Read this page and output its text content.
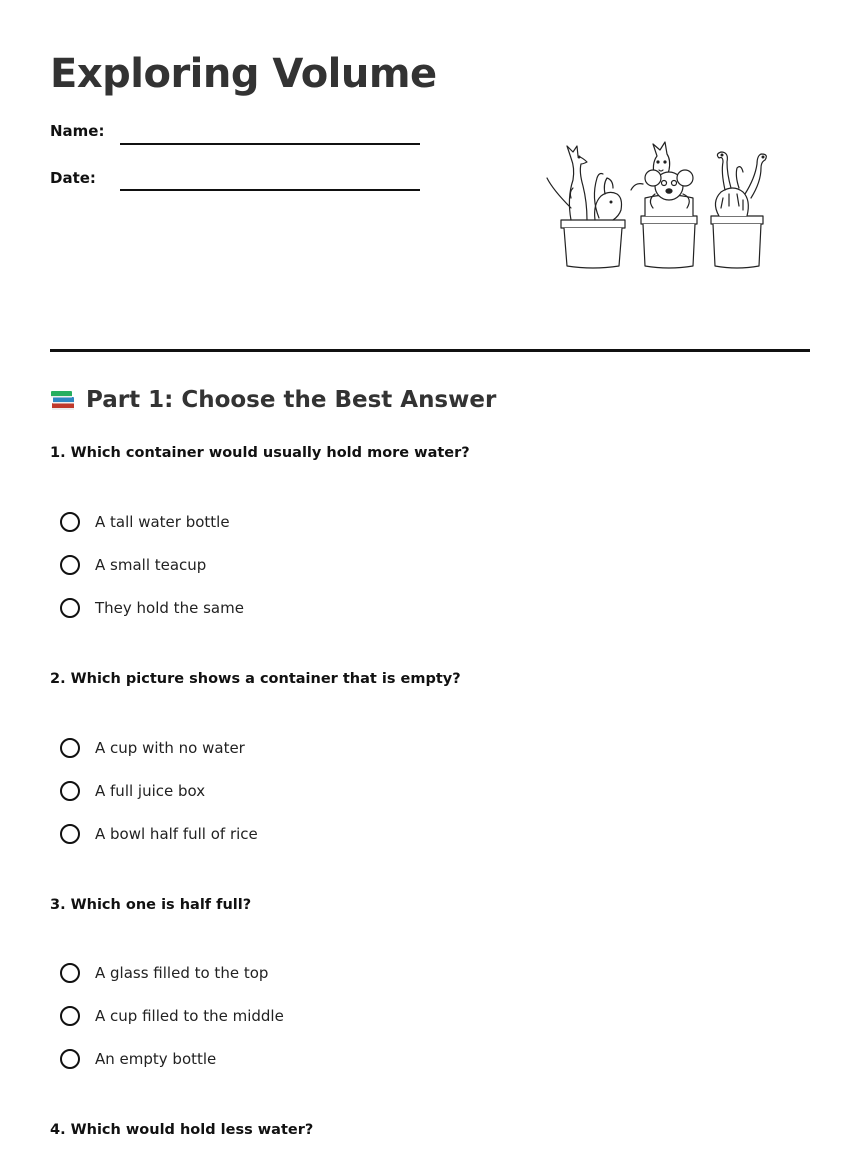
Exploring Volume
Name:
Date:
Part 1: Choose the Best Answer
1. Which container would usually hold more water?
A tall water bottle
A small teacup
They hold the same
2. Which picture shows a container that is empty?
A cup with no water
A full juice box
A bowl half full of rice
3. Which one is half full?
A glass filled to the top
A cup filled to the middle
An empty bottle
4. Which would hold less water?
